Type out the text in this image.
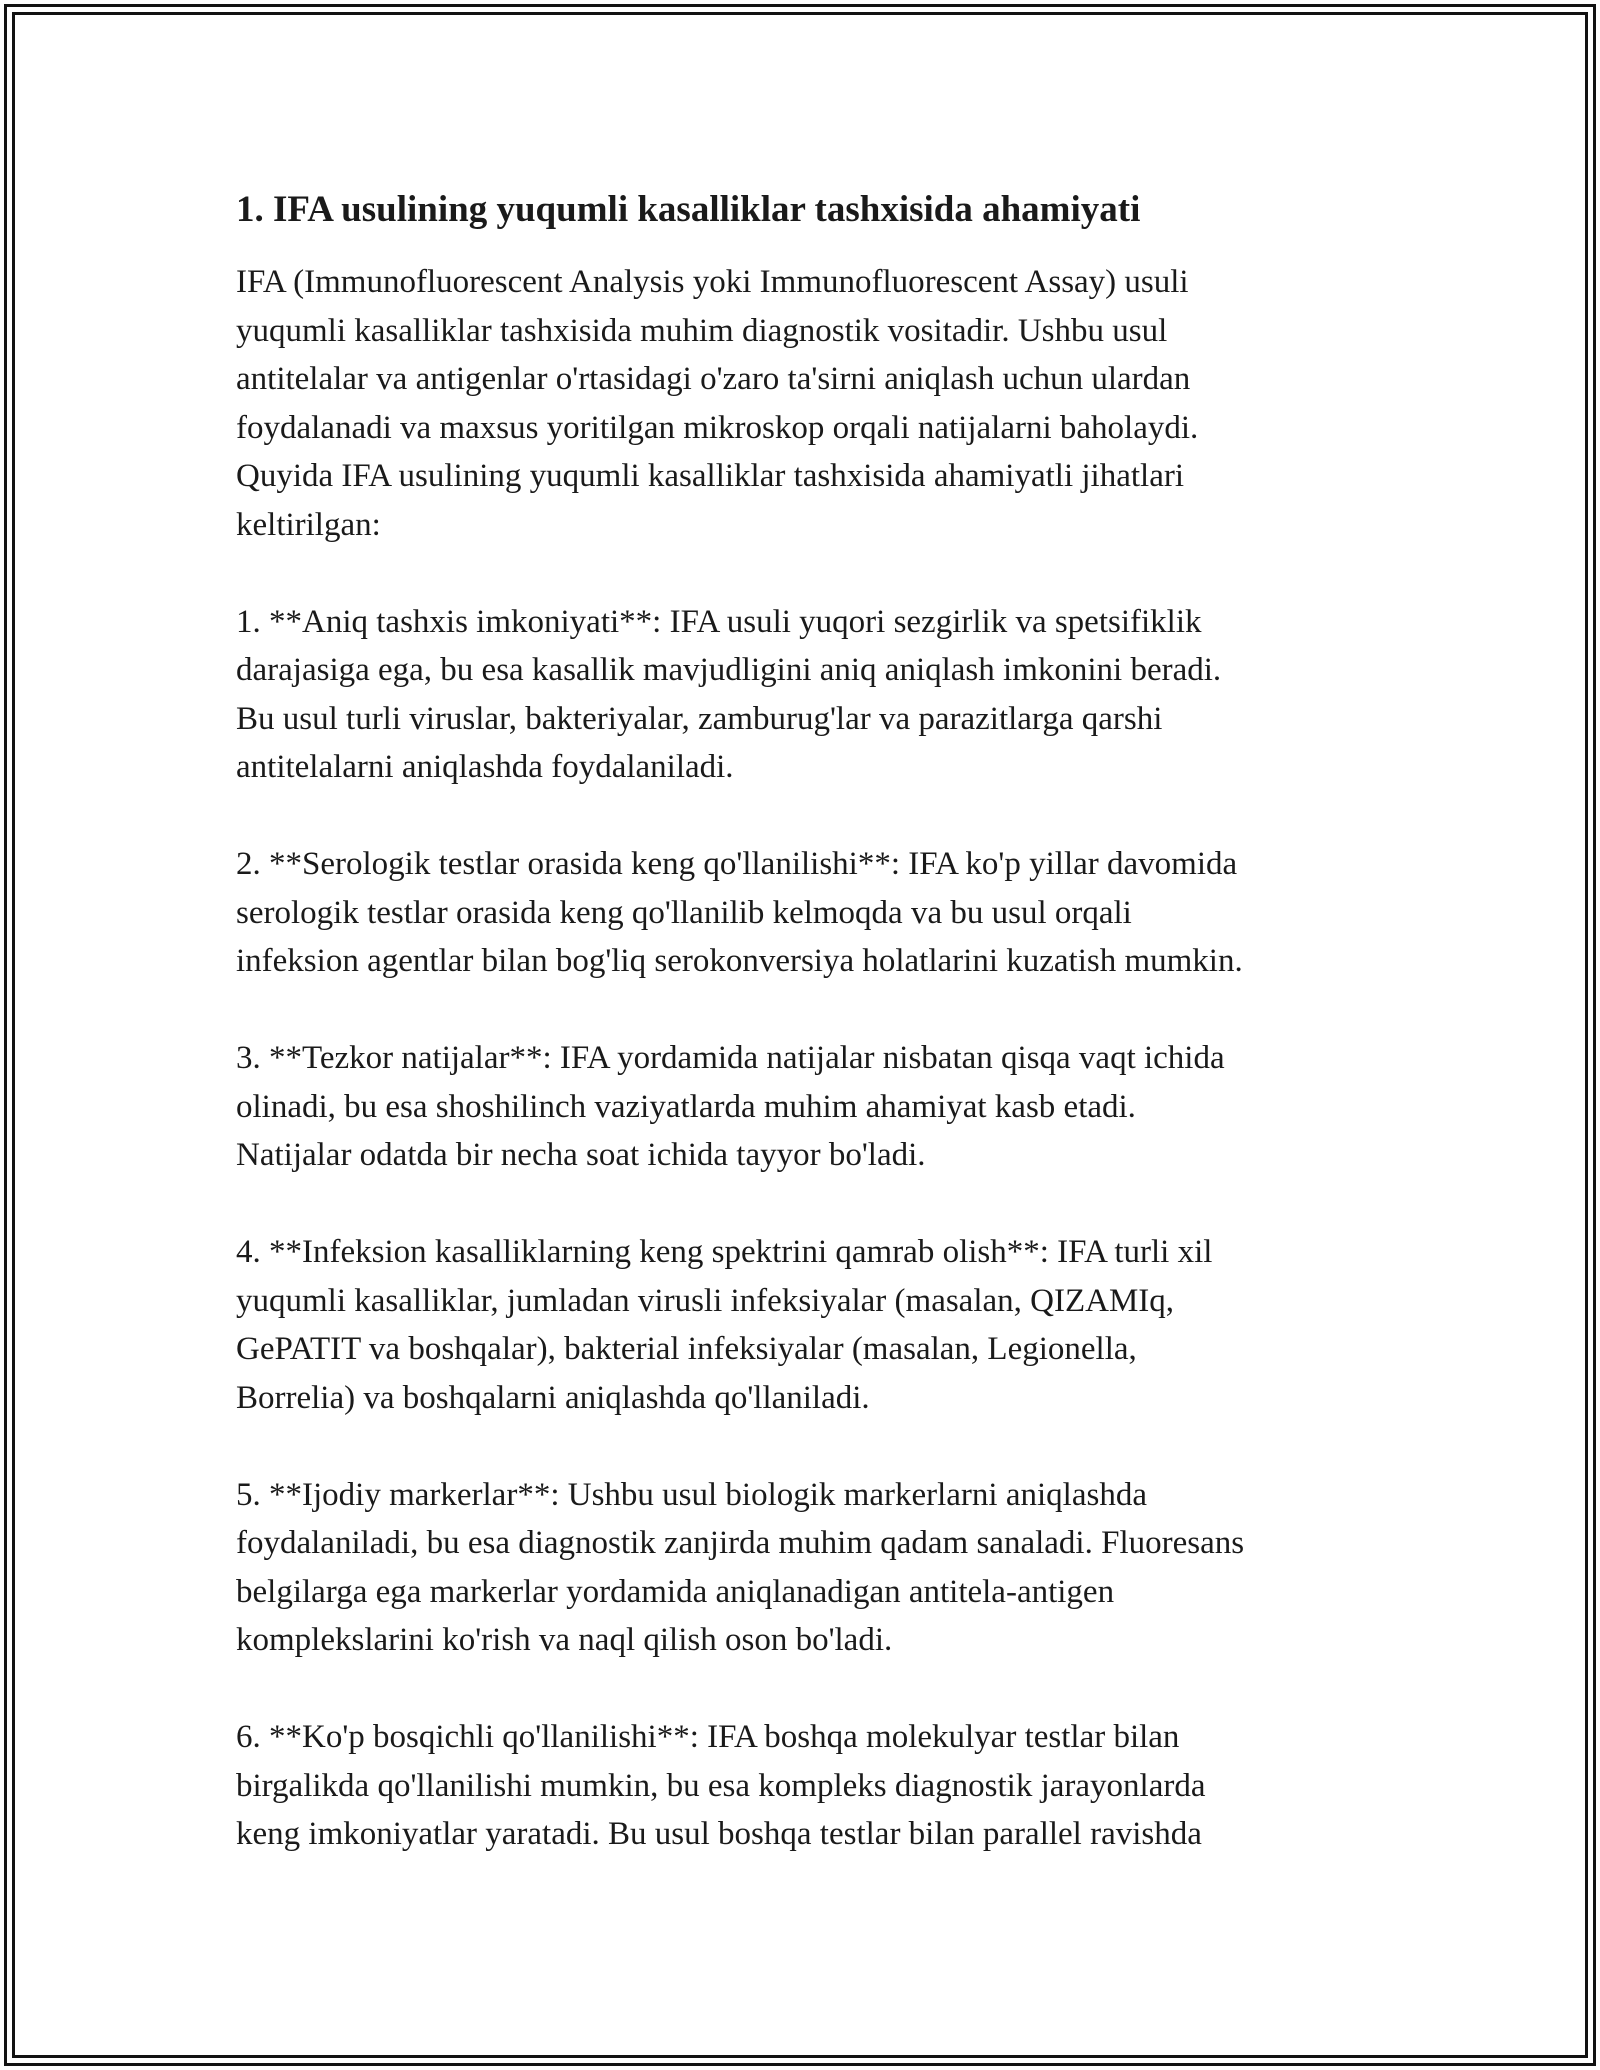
1. IFA usulining yuqumli kasalliklar tashxisida ahamiyati
IFA (Immunofluorescent Analysis yoki Immunofluorescent Assay) usuli
yuqumli kasalliklar tashxisida muhim diagnostik vositadir. Ushbu usul
antitelalar va antigenlar o'rtasidagi o'zaro ta'sirni aniqlash uchun ulardan
foydalanadi va maxsus yoritilgan mikroskop orqali natijalarni baholaydi.
Quyida IFA usulining yuqumli kasalliklar tashxisida ahamiyatli jihatlari
keltirilgan:
1. **Aniq tashxis imkoniyati**: IFA usuli yuqori sezgirlik va spetsifiklik
darajasiga ega, bu esa kasallik mavjudligini aniq aniqlash imkonini beradi.
Bu usul turli viruslar, bakteriyalar, zamburug'lar va parazitlarga qarshi
antitelalarni aniqlashda foydalaniladi.
2. **Serologik testlar orasida keng qo'llanilishi**: IFA ko'p yillar davomida
serologik testlar orasida keng qo'llanilib kelmoqda va bu usul orqali
infeksion agentlar bilan bog'liq serokonversiya holatlarini kuzatish mumkin.
3. **Tezkor natijalar**: IFA yordamida natijalar nisbatan qisqa vaqt ichida
olinadi, bu esa shoshilinch vaziyatlarda muhim ahamiyat kasb etadi.
Natijalar odatda bir necha soat ichida tayyor bo'ladi.
4. **Infeksion kasalliklarning keng spektrini qamrab olish**: IFA turli xil
yuqumli kasalliklar, jumladan virusli infeksiyalar (masalan, QIZAMIq,
GePATIT va boshqalar), bakterial infeksiyalar (masalan, Legionella,
Borrelia) va boshqalarni aniqlashda qo'llaniladi.
5. **Ijodiy markerlar**: Ushbu usul biologik markerlarni aniqlashda
foydalaniladi, bu esa diagnostik zanjirda muhim qadam sanaladi. Fluoresans
belgilarga ega markerlar yordamida aniqlanadigan antitela-antigen
komplekslarini ko'rish va naql qilish oson bo'ladi.
6. **Ko'p bosqichli qo'llanilishi**: IFA boshqa molekulyar testlar bilan
birgalikda qo'llanilishi mumkin, bu esa kompleks diagnostik jarayonlarda
keng imkoniyatlar yaratadi. Bu usul boshqa testlar bilan parallel ravishda
